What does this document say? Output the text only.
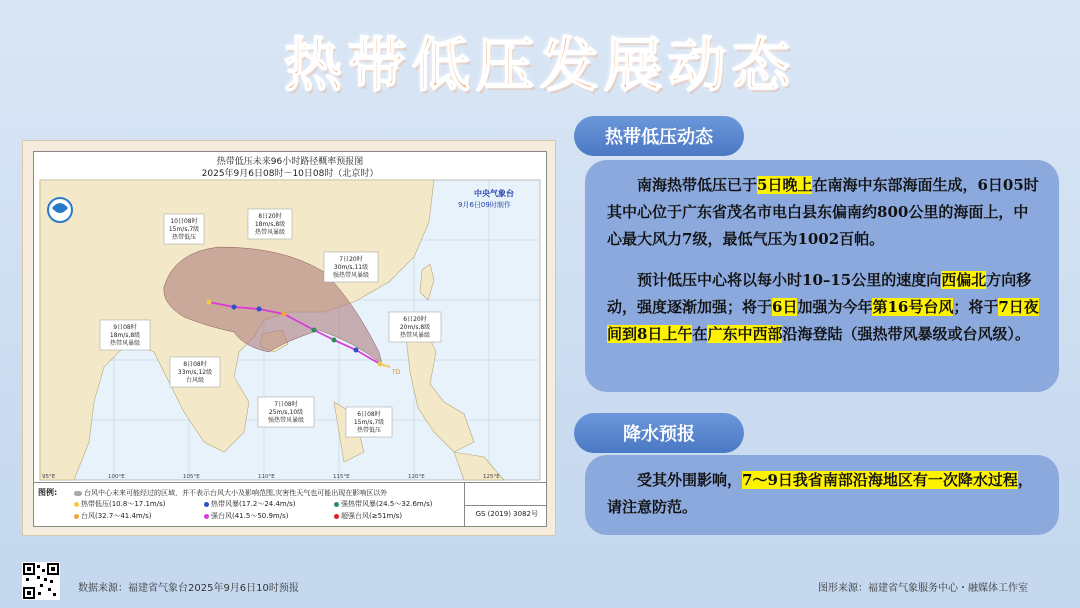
热带低压发展动态
TD
中央气象台
9月6日09时制作
10日08时
15m/s,7级
热带低压
8日20时
18m/s,8级
热带风暴级
7日20时
30m/s,11级
强热带风暴级
9日08时
18m/s,8级
热带风暴级
6日20时
20m/s,8级
热带风暴级
8日08时
33m/s,12级
台风级
7日08时
25m/s,10级
强热带风暴级
6日08时
15m/s,7级
热带低压
95°E	100°E	105°E	110°E	115°E	120°E	125°E
热带低压未来96小时路径概率预报图
2025年9月6日08时－10日08时（北京时）
图例:	台风中心未来可能经过的区域，并不表示台风大小及影响范围,灾害性天气也可能出现在影响区以外
热带低压(10.8～17.1m/s)	热带风暴(17.2～24.4m/s)	强热带风暴(24.5～32.6m/s)
台风(32.7～41.4m/s)	强台风(41.5～50.9m/s)	超强台风(≥51m/s)	GS (2019) 3082号
热带低压动态

南海热带低压已于5日晚上在南海中东部海面生成，6日05时其中心位于广东省茂名市电白县东偏南约800公里的海面上，中心最大风力7级，最低气压为1002百帕。

预计低压中心将以每小时10–15公里的速度向西偏北方向移动，强度逐渐加强；将于6日加强为今年第16号台风；将于7日夜间到8日上午在广东中西部沿海登陆（强热带风暴级或台风级）。

降水预报

受其外围影响，7～9日我省南部沿海地区有一次降水过程，请注意防范。

数据来源：福建省气象台2025年9月6日10时预报	图形来源：福建省气象服务中心・融媒体工作室
